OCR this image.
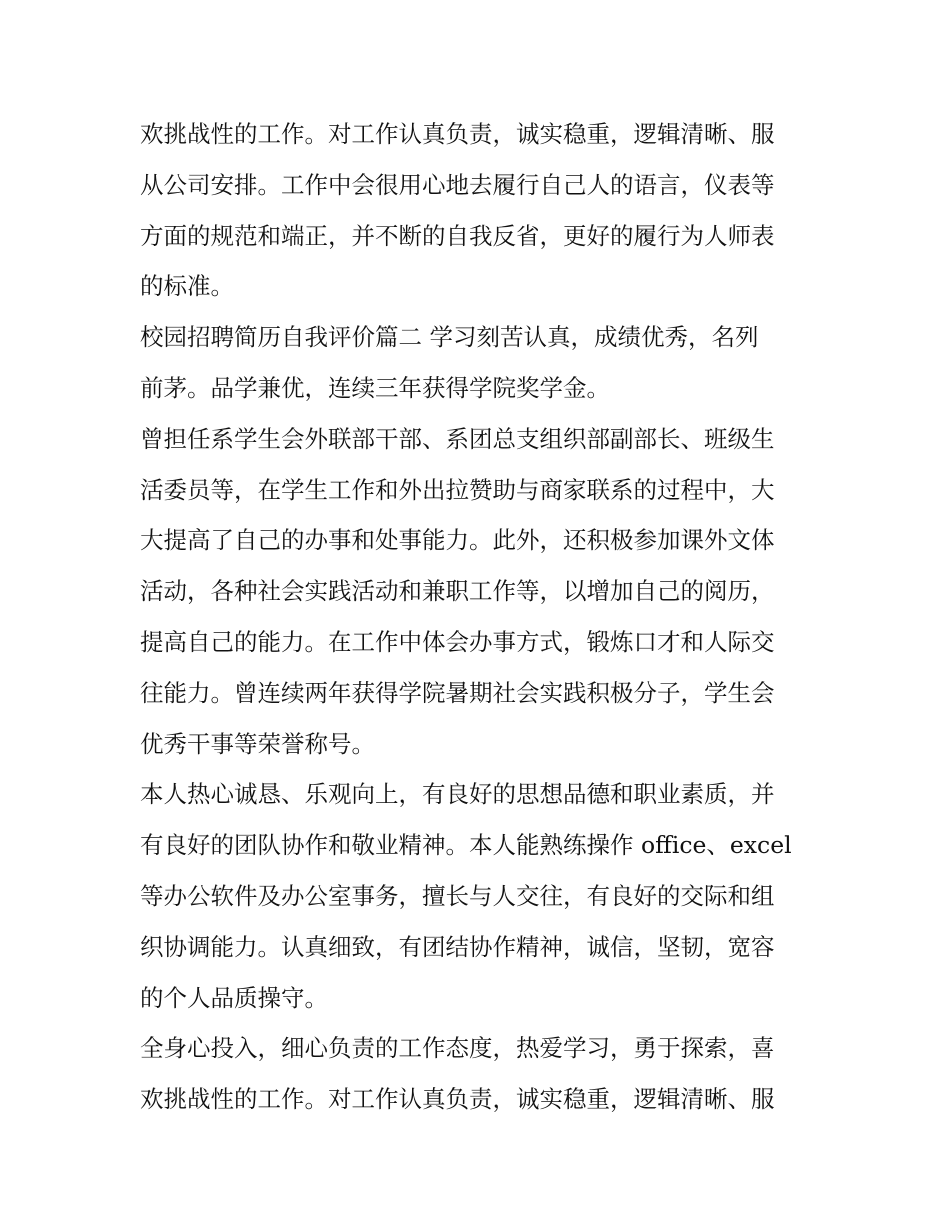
欢挑战性的工作。对工作认真负责，诚实稳重，逻辑清晰、服
从公司安排。工作中会很用心地去履行自己人的语言，仪表等
方面的规范和端正，并不断的自我反省，更好的履行为人师表
的标准。
校园招聘简历自我评价篇二 学习刻苦认真，成绩优秀，名列
前茅。品学兼优，连续三年获得学院奖学金。
曾担任系学生会外联部干部、系团总支组织部副部长、班级生
活委员等，在学生工作和外出拉赞助与商家联系的过程中，大
大提高了自己的办事和处事能力。此外，还积极参加课外文体
活动，各种社会实践活动和兼职工作等，以增加自己的阅历，
提高自己的能力。在工作中体会办事方式，锻炼口才和人际交
往能力。曾连续两年获得学院暑期社会实践积极分子，学生会
优秀干事等荣誉称号。
本人热心诚恳、乐观向上，有良好的思想品德和职业素质，并
有良好的团队协作和敬业精神。本人能熟练操作 office、excel
等办公软件及办公室事务，擅长与人交往，有良好的交际和组
织协调能力。认真细致，有团结协作精神，诚信，坚韧，宽容
的个人品质操守。
全身心投入，细心负责的工作态度，热爱学习，勇于探索，喜
欢挑战性的工作。对工作认真负责，诚实稳重，逻辑清晰、服
